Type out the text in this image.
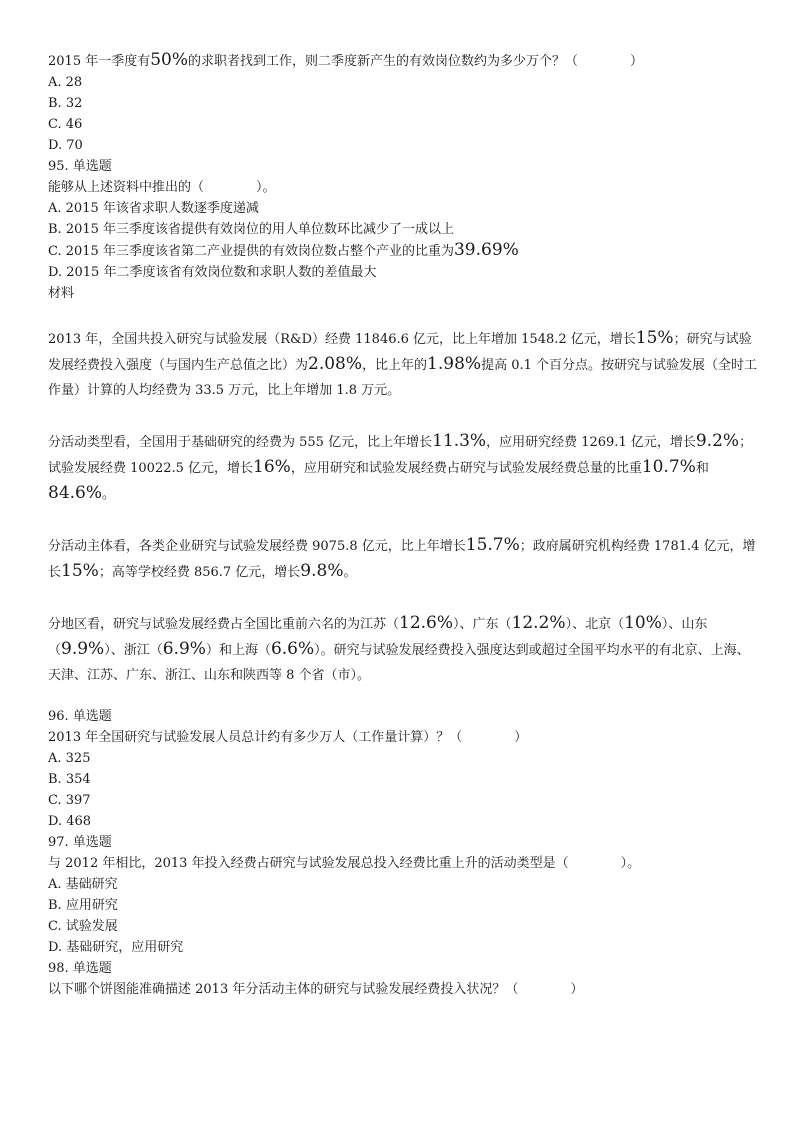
2015 年一季度有50%的求职者找到工作，则二季度新产生的有效岗位数约为多少万个？（　　　　）
A. 28
B. 32
C. 46
D. 70
95. 单选题
能够从上述资料中推出的（　　　　）。
A. 2015 年该省求职人数逐季度递减
B. 2015 年三季度该省提供有效岗位的用人单位数环比减少了一成以上
C. 2015 年三季度该省第二产业提供的有效岗位数占整个产业的比重为39.69%
D. 2015 年二季度该省有效岗位数和求职人数的差值最大
材料
2013 年，全国共投入研究与试验发展（R&D）经费 11846.6 亿元，比上年增加 1548.2 亿元，增长15%；研究与试验发展经费投入强度（与国内生产总值之比）为2.08%，比上年的1.98%提高 0.1 个百分点。按研究与试验发展（全时工作量）计算的人均经费为 33.5 万元，比上年增加 1.8 万元。
分活动类型看，全国用于基础研究的经费为 555 亿元，比上年增长11.3%，应用研究经费 1269.1 亿元，增长9.2%；试验发展经费 10022.5 亿元，增长16%，应用研究和试验发展经费占研究与试验发展经费总量的比重10.7%和84.6%。
分活动主体看，各类企业研究与试验发展经费 9075.8 亿元，比上年增长15.7%；政府属研究机构经费 1781.4 亿元，增长15%；高等学校经费 856.7 亿元，增长9.8%。
分地区看，研究与试验发展经费占全国比重前六名的为江苏（12.6%）、广东（12.2%）、北京（10%）、山东（9.9%）、浙江（6.9%）和上海（6.6%）。研究与试验发展经费投入强度达到或超过全国平均水平的有北京、上海、天津、江苏、广东、浙江、山东和陕西等 8 个省（市）。
96. 单选题
2013 年全国研究与试验发展人员总计约有多少万人（工作量计算）？（　　　　）
A. 325
B. 354
C. 397
D. 468
97. 单选题
与 2012 年相比，2013 年投入经费占研究与试验发展总投入经费比重上升的活动类型是（　　　　）。
A. 基础研究
B. 应用研究
C. 试验发展
D. 基础研究，应用研究
98. 单选题
以下哪个饼图能准确描述 2013 年分活动主体的研究与试验发展经费投入状况？（　　　　）
